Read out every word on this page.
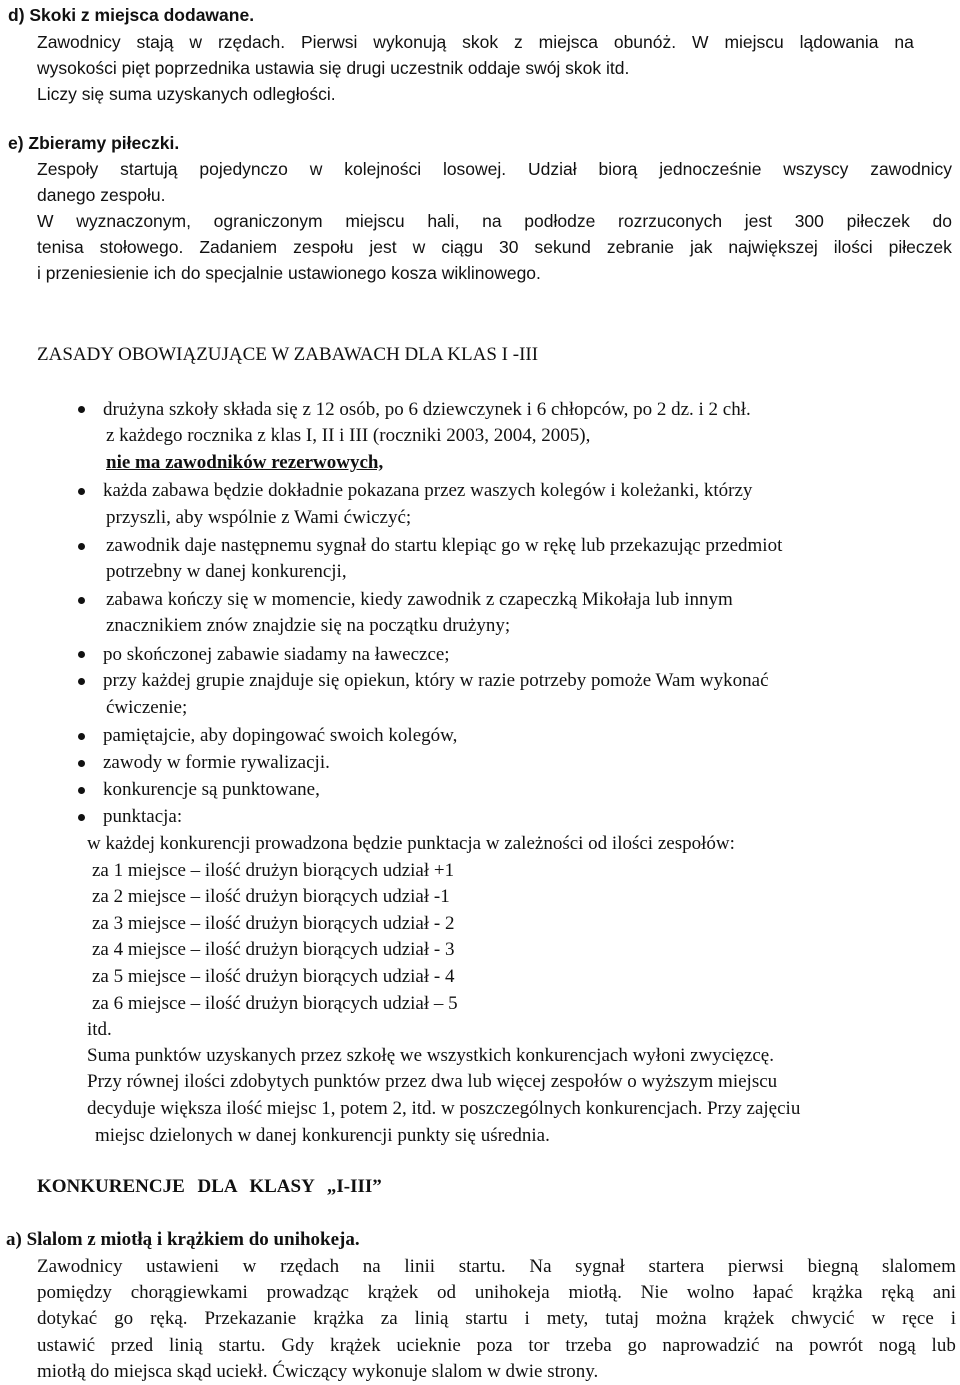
d) Skoki z miejsca dodawane.
Zawodnicy stają w rzędach. Pierwsi wykonują skok z miejsca obunóż. W miejscu lądowania na
wysokości pięt poprzednika ustawia się drugi uczestnik oddaje swój skok itd.
Liczy się suma uzyskanych odległości.
e) Zbieramy piłeczki.
Zespoły startują pojedynczo w kolejności losowej. Udział biorą jednocześnie wszyscy zawodnicy
danego zespołu.
W wyznaczonym, ograniczonym miejscu hali, na podłodze rozrzuconych jest 300 piłeczek do
tenisa stołowego. Zadaniem zespołu jest w ciągu 30 sekund zebranie jak największej ilości piłeczek
i przeniesienie ich do specjalnie ustawionego kosza wiklinowego.
ZASADY OBOWIĄZUJĄCE W ZABAWACH DLA KLAS I -III
drużyna szkoły składa się z 12 osób, po 6 dziewczynek i 6 chłopców, po 2 dz. i 2 chł.
z każdego rocznika z klas I, II i III (roczniki 2003, 2004, 2005),
nie ma zawodników rezerwowych,
każda zabawa będzie dokładnie pokazana przez waszych kolegów i koleżanki, którzy
przyszli, aby wspólnie z Wami ćwiczyć;
zawodnik daje następnemu sygnał do startu klepiąc go w rękę lub przekazując przedmiot
potrzebny w danej konkurencji,
zabawa kończy się w momencie, kiedy zawodnik z czapeczką Mikołaja lub innym
znacznikiem znów znajdzie się na początku drużyny;
po skończonej zabawie siadamy na ławeczce;
przy każdej grupie znajduje się opiekun, który w razie potrzeby pomoże Wam wykonać
ćwiczenie;
pamiętajcie, aby dopingować swoich kolegów,
zawody w formie rywalizacji.
konkurencje są punktowane,
punktacja:
w każdej konkurencji prowadzona będzie punktacja w zależności od ilości zespołów:
za 1 miejsce – ilość drużyn biorących udział +1
za 2 miejsce – ilość drużyn biorących udział -1
za 3 miejsce – ilość drużyn biorących udział - 2
za 4 miejsce – ilość drużyn biorących udział - 3
za 5 miejsce – ilość drużyn biorących udział - 4
za 6 miejsce – ilość drużyn biorących udział – 5
itd.
Suma punktów uzyskanych przez szkołę we wszystkich konkurencjach wyłoni zwycięzcę.
Przy równej ilości zdobytych punktów przez dwa lub więcej zespołów o wyższym miejscu
decyduje większa ilość miejsc 1, potem 2, itd. w poszczególnych konkurencjach. Przy zajęciu
miejsc dzielonych w danej konkurencji punkty się uśrednia.
KONKURENCJE DLA KLASY „I-III”
a) Slalom z miotłą i krążkiem do unihokeja.
Zawodnicy ustawieni w rzędach na linii startu. Na sygnał startera pierwsi biegną slalomem
pomiędzy chorągiewkami prowadząc krążek od unihokeja miotłą. Nie wolno łapać krążka ręką ani
dotykać go ręką. Przekazanie krążka za linią startu i mety, tutaj można krążek chwycić w ręce i
ustawić przed linią startu. Gdy krążek ucieknie poza tor trzeba go naprowadzić na powrót nogą lub
miotłą do miejsca skąd uciekł. Ćwiczący wykonuje slalom w dwie strony.
